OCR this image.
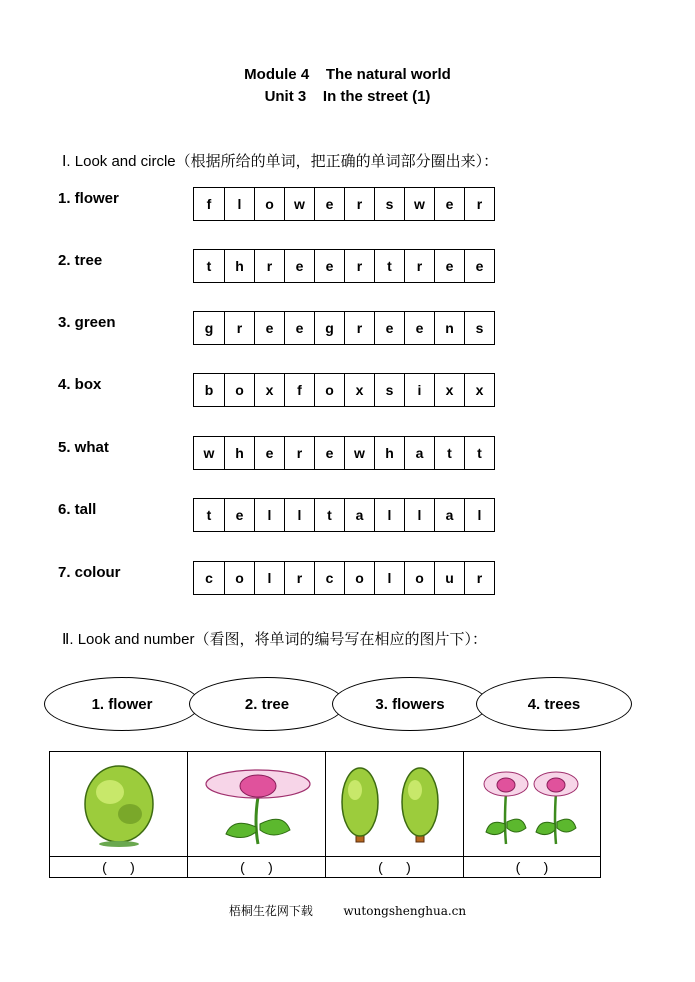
Module 4    The natural world
Unit 3    In the street (1)
Ⅰ. Look and circle（根据所给的单词，把正确的单词部分圈出来）：
1. flower	f	l	o	w	e	r	s	w	e	r
2. tree	t	h	r	e	e	r	t	r	e	e
3. green	g	r	e	e	g	r	e	e	n	s
4. box	b	o	x	f	o	x	s	i	x	x
5. what	w	h	e	r	e	w	h	a	t	t
6. tall	t	e	l	l	t	a	l	l	a	l
7. colour	c	o	l	r	c	o	l	o	u	r
Ⅱ. Look and number（看图，将单词的编号写在相应的图片下）：
1. flower	2. tree	3. flowers	4. trees
(      )	(      )	(      )	(      )
梧桐生花网下载        wutongshenghua.cn
